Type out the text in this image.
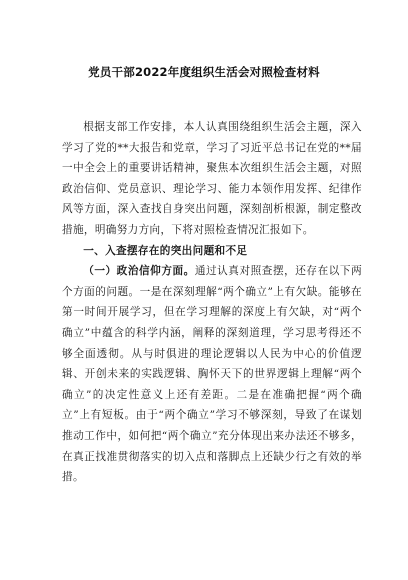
党员干部2022年度组织生活会对照检查材料

根据支部工作安排，本人认真围绕组织生活会主题，深入学习了党的**大报告和党章，学习了习近平总书记在党的**届一中全会上的重要讲话精神，聚焦本次组织生活会主题，对照政治信仰、党员意识、理论学习、能力本领作用发挥、纪律作风等方面，深入查找自身突出问题，深刻剖析根源，制定整改措施，明确努力方向，下将对照检查情况汇报如下。

一、入查摆存在的突出问题和不足

（一）政治信仰方面。通过认真对照查摆，还存在以下两个方面的问题。一是在深刻理解“两个确立”上有欠缺。能够在第一时间开展学习，但在学习理解的深度上有欠缺，对“两个确立”中蕴含的科学内涵，阐释的深刻道理，学习思考得还不够全面透彻。从与时俱进的理论逻辑以人民为中心的价值逻辑、开创未来的实践逻辑、胸怀天下的世界逻辑上理解“两个确立”的决定性意义上还有差距。二是在准确把握“两个确立”上有短板。由于“两个确立”学习不够深刻，导致了在谋划推动工作中，如何把“两个确立”充分体现出来办法还不够多，在真正找准贯彻落实的切入点和落脚点上还缺少行之有效的举措。
